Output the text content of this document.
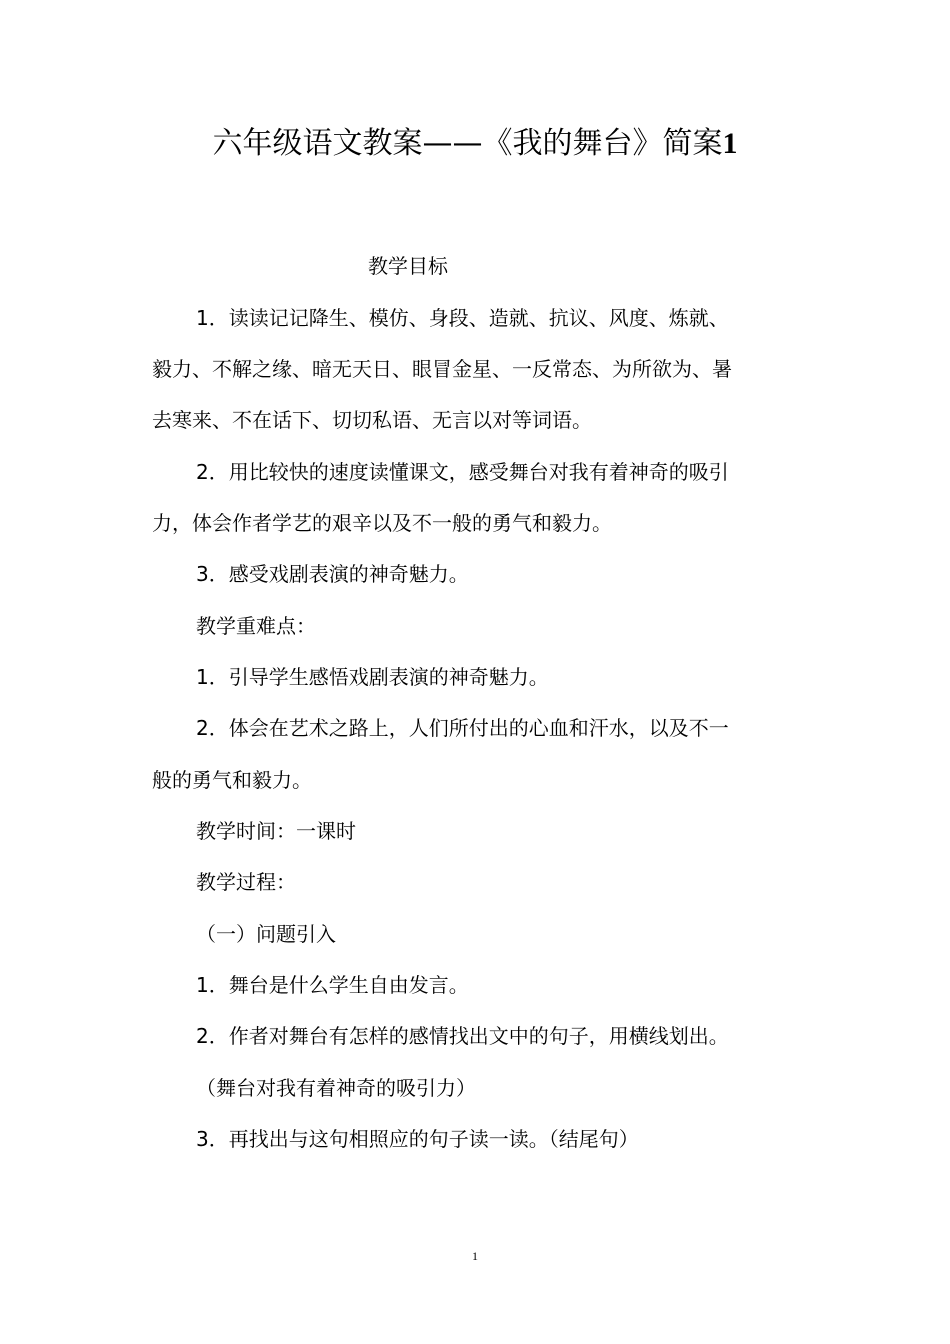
六年级语文教案——《我的舞台》简案1
教学目标
1．读读记记降生、模仿、身段、造就、抗议、风度、炼就、
毅力、不解之缘、暗无天日、眼冒金星、一反常态、为所欲为、暑
去寒来、不在话下、切切私语、无言以对等词语。
2．用比较快的速度读懂课文，感受舞台对我有着神奇的吸引
力，体会作者学艺的艰辛以及不一般的勇气和毅力。
3．感受戏剧表演的神奇魅力。
教学重难点：
1．引导学生感悟戏剧表演的神奇魅力。
2．体会在艺术之路上，人们所付出的心血和汗水，以及不一
般的勇气和毅力。
教学时间：一课时
教学过程：
（一）问题引入
1．舞台是什么学生自由发言。
2．作者对舞台有怎样的感情找出文中的句子，用横线划出。
（舞台对我有着神奇的吸引力）
3．再找出与这句相照应的句子读一读。（结尾句）
1
